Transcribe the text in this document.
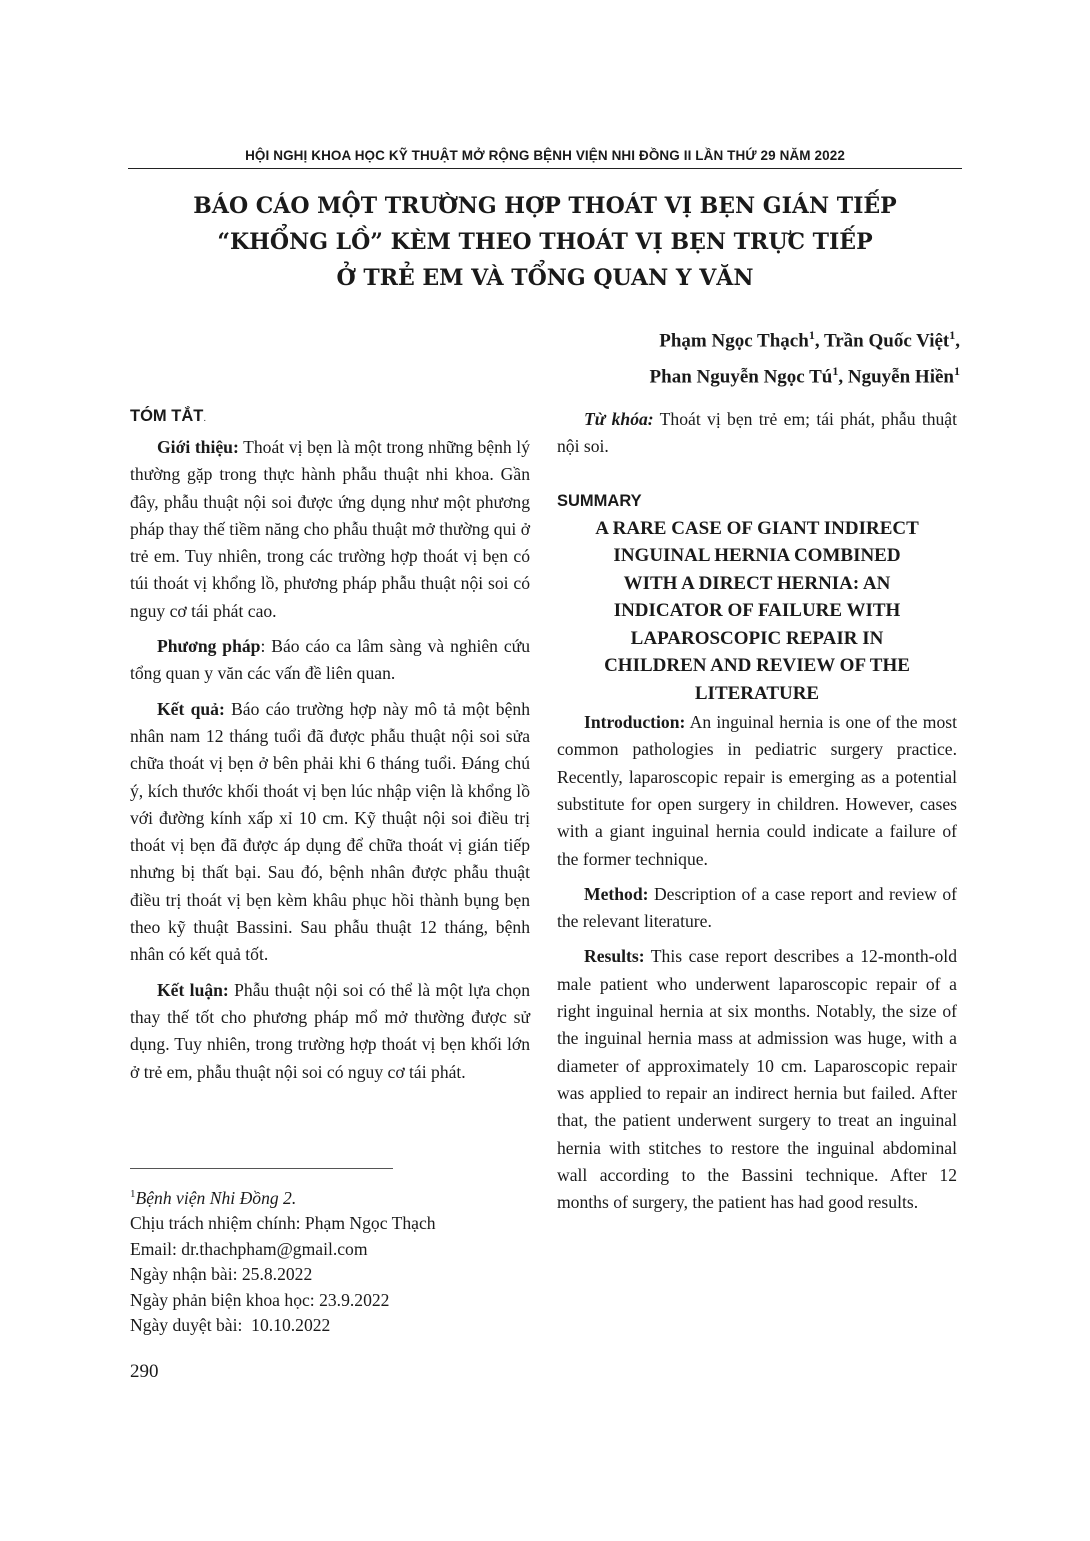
HỘI NGHỊ KHOA HỌC KỸ THUẬT MỞ RỘNG BỆNH VIỆN NHI ĐỒNG II LẦN THỨ 29 NĂM 2022
BÁO CÁO MỘT TRƯỜNG HỢP THOÁT VỊ BẸN GIÁN TIẾP
“KHỔNG LỒ” KÈM THEO THOÁT VỊ BẸN TRỰC TIẾP
Ở TRẺ EM VÀ TỔNG QUAN Y VĂN
Phạm Ngọc Thạch$^1$, Trần Quốc Việt$^1$,
Phan Nguyễn Ngọc $Tú^1$, Nguyễn Hiền$^1$
TÓM TẮT.

Giới thiệu: Thoát vị bẹn là một trong những bệnh lý thường gặp trong thực hành phẫu thuật nhi khoa. Gần đây, phẫu thuật nội soi được ứng dụng như một phương pháp thay thế tiềm năng cho phẫu thuật mở thường qui ở trẻ em. Tuy nhiên, trong các trường hợp thoát vị bẹn có túi thoát vị khổng lồ, phương pháp phẫu thuật nội soi có nguy cơ tái phát cao.

Phương pháp: Báo cáo ca lâm sàng và nghiên cứu tổng quan y văn các vấn đề liên quan.

Kết quả: Báo cáo trường hợp này mô tả một bệnh nhân nam 12 tháng tuổi đã được phẫu thuật nội soi sửa chữa thoát vị bẹn ở bên phải khi 6 tháng tuổi. Đáng chú ý, kích thước khối thoát vị bẹn lúc nhập viện là khổng lồ với đường kính xấp xỉ 10 cm. Kỹ thuật nội soi điều trị thoát vị bẹn đã được áp dụng để chữa thoát vị gián tiếp nhưng bị thất bại. Sau đó, bệnh nhân được phẫu thuật điều trị thoát vị bẹn kèm khâu phục hồi thành bụng bẹn theo kỹ thuật Bassini. Sau phẫu thuật 12 tháng, bệnh nhân có kết quả tốt.

Kết luận: Phẫu thuật nội soi có thể là một lựa chọn thay thế tốt cho phương pháp mổ mở thường được sử dụng. Tuy nhiên, trong trường hợp thoát vị bẹn khối lớn ở trẻ em, phẫu thuật nội soi có nguy cơ tái phát.

Từ khóa: Thoát vị bẹn trẻ em; tái phát, phẫu thuật nội soi.

SUMMARY
A RARE CASE OF GIANT INDIRECT
INGUINAL HERNIA COMBINED
WITH A DIRECT HERNIA: AN
INDICATOR OF FAILURE WITH
LAPAROSCOPIC REPAIR IN
CHILDREN AND REVIEW OF THE
LITERATURE

Introduction: An inguinal hernia is one of the most common pathologies in pediatric surgery practice. Recently, laparoscopic repair is emerging as a potential substitute for open surgery in children. However, cases with a giant inguinal hernia could indicate a failure of the former technique.

Method: Description of a case report and review of the relevant literature.

Results: This case report describes a 12-month-old male patient who underwent laparoscopic repair of a right inguinal hernia at six months. Notably, the size of the inguinal hernia mass at admission was huge, with a diameter of approximately 10 cm. Laparoscopic repair was applied to repair an indirect hernia but failed. After that, the patient underwent surgery to treat an inguinal hernia with stitches to restore the inguinal abdominal wall according to the Bassini technique. After 12 months of surgery, the patient has had good results.

$^1$Bệnh viện Nhi Đồng 2.
Chịu trách nhiệm chính: Phạm Ngọc Thạch
Email: dr.thachpham@gmail.com
Ngày nhận bài: 25.8.2022
Ngày phản biện khoa học: 23.9.2022
Ngày duyệt bài:  10.10.2022
290
